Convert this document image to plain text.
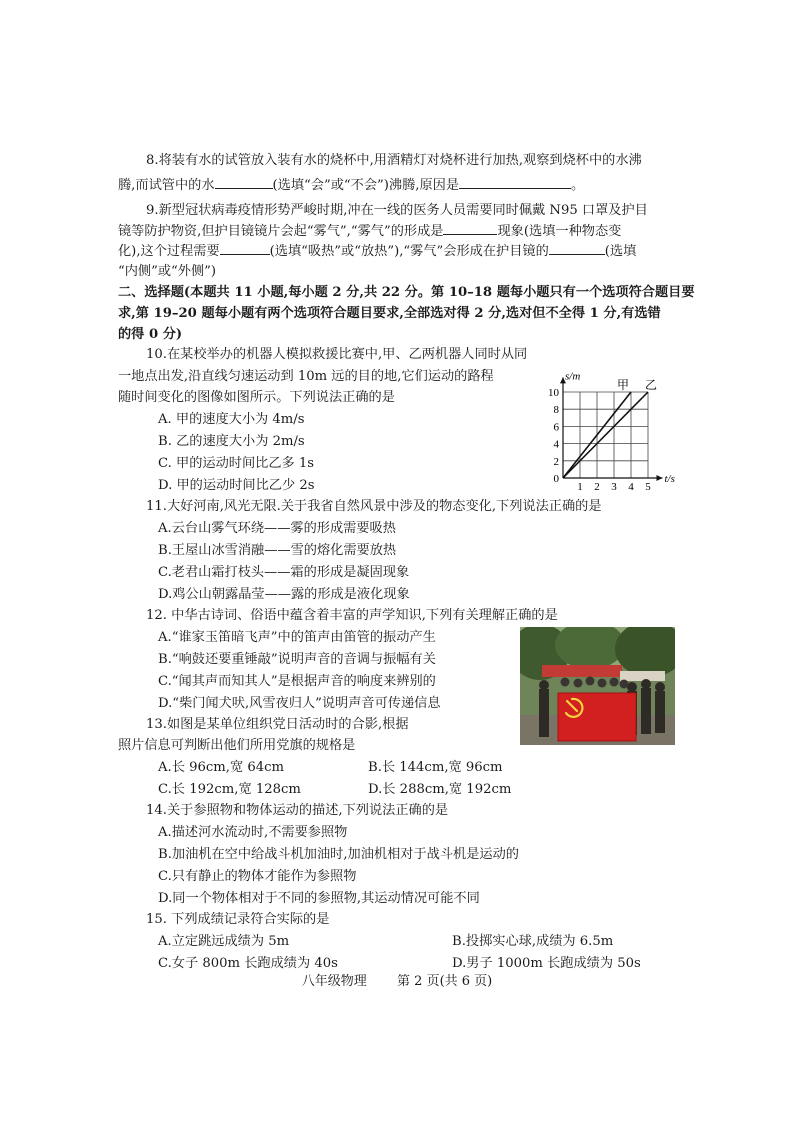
8.将装有水的试管放入装有水的烧杯中,用酒精灯对烧杯进行加热,观察到烧杯中的水沸
腾,而试管中的水	(选填“会”或“不会”)沸腾,原因是	。
9.新型冠状病毒疫情形势严峻时期,冲在一线的医务人员需要同时佩戴 N95 口罩及护目
镜等防护物资,但护目镜镜片会起“雾气”,“雾气”的形成是	现象(选填一种物态变
化),这个过程需要	(选填“吸热”或“放热”),“雾气”会形成在护目镜的	(选填
“内侧”或“外侧”)
二、选择题(本题共 11 小题,每小题 2 分,共 22 分。第 10–18 题每小题只有一个选项符合题目要
求,第 19–20 题每小题有两个选项符合题目要求,全部选对得 2 分,选对但不全得 1 分,有选错
的得 0 分)
10.在某校举办的机器人模拟救援比赛中,甲、乙两机器人同时从同
一地点出发,沿直线匀速运动到 10m 远的目的地,它们运动的路程
随时间变化的图像如图所示。下列说法正确的是
A. 甲的速度大小为 4m/s
B. 乙的速度大小为 2m/s
C. 甲的运动时间比乙多 1s
D. 甲的运动时间比乙少 2s	1 2 3 4 5
0
2
4
6
8
10
s/m
t/s
甲 乙
11.大好河南,风光无限.关于我省自然风景中涉及的物态变化,下列说法正确的是
A.云台山雾气环绕——雾的形成需要吸热
B.王屋山冰雪消融——雪的熔化需要放热
C.老君山霜打枝头——霜的形成是凝固现象
D.鸡公山朝露晶莹——露的形成是液化现象
12. 中华古诗词、俗语中蕴含着丰富的声学知识,下列有关理解正确的是
A.“谁家玉笛暗飞声”中的笛声由笛管的振动产生
B.“响鼓还要重锤敲”说明声音的音调与振幅有关
C.“闻其声而知其人”是根据声音的响度来辨别的
D.“柴门闻犬吠,风雪夜归人”说明声音可传递信息
13.如图是某单位组织党日活动时的合影,根据
照片信息可判断出他们所用党旗的规格是
A.长 96cm,宽 64cm	B.长 144cm,宽 96cm
C.长 192cm,宽 128cm	D.长 288cm,宽 192cm
14.关于参照物和物体运动的描述,下列说法正确的是
A.描述河水流动时,不需要参照物
B.加油机在空中给战斗机加油时,加油机相对于战斗机是运动的
C.只有静止的物体才能作为参照物
D.同一个物体相对于不同的参照物,其运动情况可能不同
15. 下列成绩记录符合实际的是
A.立定跳远成绩为 5m	B.投掷实心球,成绩为 6.5m
C.女子 800m 长跑成绩为 40s	D.男子 1000m 长跑成绩为 50s
八年级物理 第 2 页(共 6 页)
